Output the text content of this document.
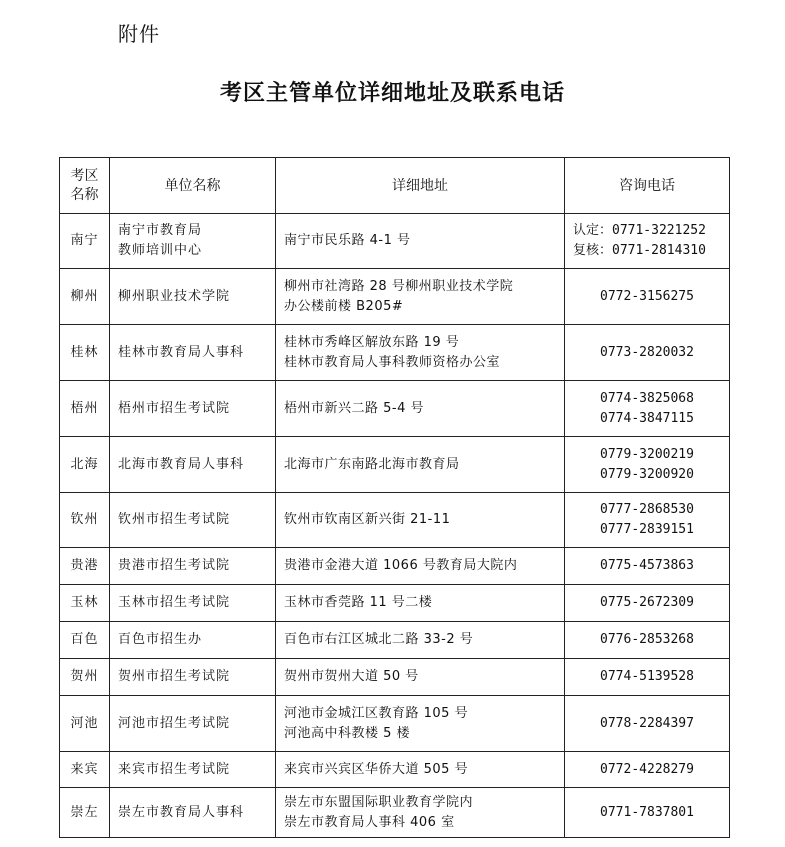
附件
考区主管单位详细地址及联系电话
考区
名称	单位名称	详细地址	咨询电话
南宁	南宁市教育局
教师培训中心	南宁市民乐路 4-1 号	认定：0771-3221252
复核：0771-2814310

柳州	柳州职业技术学院	柳州市社湾路 28 号柳州职业技术学院
办公楼前楼 B205#	0772-3156275

桂林	桂林市教育局人事科	桂林市秀峰区解放东路 19 号
桂林市教育局人事科教师资格办公室	0773-2820032

梧州	梧州市招生考试院	梧州市新兴二路 5-4 号	0774-3825068
0774-3847115

北海	北海市教育局人事科	北海市广东南路北海市教育局	0779-3200219
0779-3200920

钦州	钦州市招生考试院	钦州市钦南区新兴街 21-11	0777-2868530
0777-2839151

贵港	贵港市招生考试院	贵港市金港大道 1066 号教育局大院内	0775-4573863

玉林	玉林市招生考试院	玉林市香莞路 11 号二楼	0775-2672309

百色	百色市招生办	百色市右江区城北二路 33-2 号	0776-2853268

贺州	贺州市招生考试院	贺州市贺州大道 50 号	0774-5139528

河池	河池市招生考试院	河池市金城江区教育路 105 号
河池高中科教楼 5 楼	0778-2284397

来宾	来宾市招生考试院	来宾市兴宾区华侨大道 505 号	0772-4228279

崇左	崇左市教育局人事科	崇左市东盟国际职业教育学院内
崇左市教育局人事科 406 室	0771-7837801
